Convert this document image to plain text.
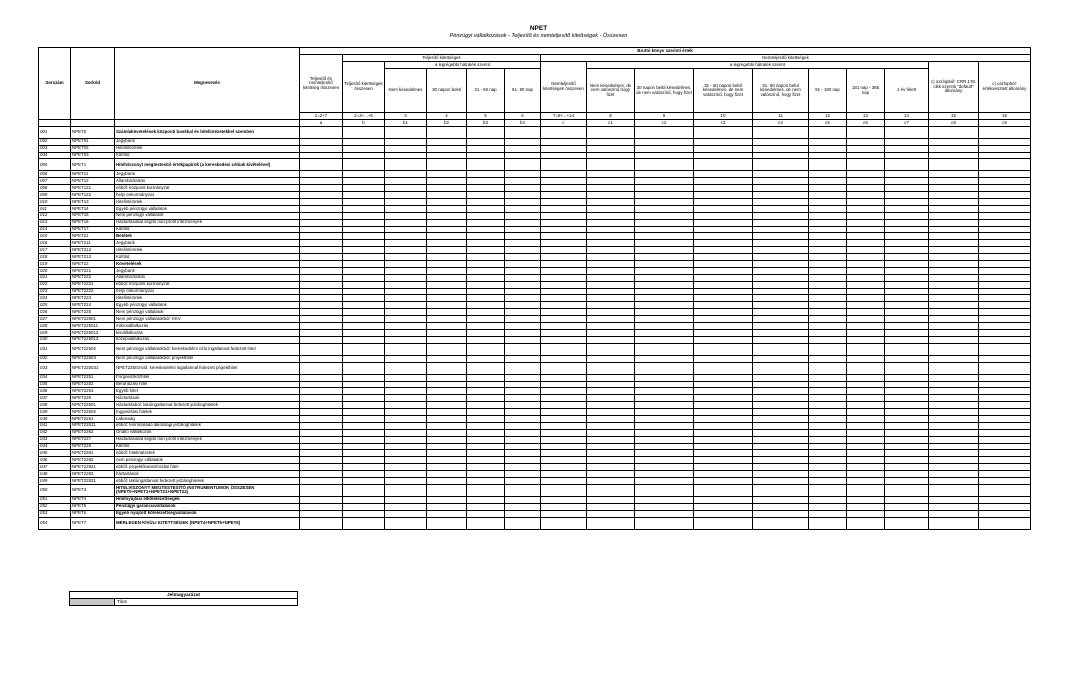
NPET
Pénzügyi vállalkozások - Teljesítő és nemteljesítő kitettségek - Összesen
Sorszám	Sorkód	Megnevezés	Bruttó könyv szerinti érték															
			Teljesítő és nemteljesítő kitettség összesen	Teljesítő kitettségek					Nemteljesítő kitettségek									
				Teljesítő kitettségek összesen	a legrégebbi hátralék szerint				Nemteljesítő kitettségek összesen	a legrégebbi hátralék szerint							c) oszlopból: CRR 178. cikk szerinti "default" állomány	c) oszlopból: értékvesztett állomány
					Nem késedelmes	30 napon belül	31 - 60 nap	61- 90 nap		Nem késedelmes, de nem valószínű hogy fizet	30 napon belül késedelmes, de nem valószínű, hogy fizet	31 - 60 napon belül késedelmes, de nem valószínű, hogy fizet	61- 90 napon belül késedelmes, de nem valószínű, hogy fizet	91 - 180 nap	181 nap - 365 nap	1 év felett		
			1=2+7	2=3+...+6	3	4	5	6	7=8+...+14	8	9	10	11	12	13	14	15	16
			a	b	b1	b2	b3	b4	c	c1	c2	c3	c4	c5	c6	c7	c8	c9
001	NPET0	Számlakövetelések központi bankkal és hitelintézetekkel szemben																
002	NPET01	Jegybank																
003	NPET02	Hitelintézetek																
004	NPET03	Külföld																
005	NPET1	Hitelviszonyt megtestesítő értékpapírok (a kereskedési célúak kivételével)																
006	NPET11	Jegybank																
007	NPET12	Államháztartás																
008	NPET121	ebből: központi kormányzat																
009	NPET122	helyi önkormányzat																
010	NPET13	Hitelintézetek																
011	NPET14	Egyéb pénzügyi vállalatok																
012	NPET15	Nem pénzügyi vállalatok																
013	NPET16	Háztartásokat segítő non-profit intézmények																
014	NPET17	Külföld																
015	NPET21	Betétek																
016	NPET211	Jegybank																
017	NPET212	Hitelintézetek																
018	NPET213	Külföld																
019	NPET22	Követelések																
020	NPET221	Jegybank																
021	NPET222	Államháztartás																
022	NPET2221	ebből: központi kormányzat																
023	NPET2222	helyi önkormányzat																
024	NPET223	Hitelintézetek																
025	NPET224	Egyéb pénzügyi vállalatok																
026	NPET225	Nem pénzügyi vállalatok																
027	NPET22501	Nem pénzügyi vállalatokból: KKV																
028	NPET225011	mikrovállalkozás																
029	NPET225012	kisvállalkozás																
030	NPET225013	középvállalkozás																
031	NPET22502	Nem pénzügyi vállalatokból: kereskedelmi célú ingatlannal fedezett hitel																
032	NPET22503	Nem pénzügyi vállalatokból: projekthitel																
033	NPET225031	NPET22503-ból: kereskedelmi ingatlannal fedezett projekthitel																
034	NPET2251	Forgóeszközhitel																
035	NPET2252	Beruházási hitel																
036	NPET2253	Egyéb hitel																
037	NPET226	Háztartások																
038	NPET22601	Háztartásból: lakóingatlannal fedezett jelzáloghitelek																
039	NPET22602	fogyasztási hitelek																
040	NPET2261	Lakosság																
041	NPET22611	ebből: fennmaradó lakossági jelzáloghitelek																
042	NPET2262	Önálló vállalkozók																
043	NPET227	Háztartásokat segítő non-profit intézmények																
044	NPET228	Külföld																
045	NPET2281	ebből: hitelintézetek																
046	NPET2282	nem pénzügyi vállalatok																
047	NPET22821	ebből: projektfinanszírozási hitel																
048	NPET2283	háztartások																
049	NPET22831	ebből: lakóingatlannal fedezett jelzáloghitelek																
050	NPET3	HITELVISZONYT MEGTESTESÍTŐ INSTRUMENTUMOK ÖSSZESEN (NPET0+NPET1+NPET21+NPET22)																
051	NPET4	Hitelnyújtási elkötelezettségek																
052	NPET5	Pénzügyi garanciavállalások																
053	NPET6	Egyéb nyújtott kötelezettségvállalások																
054	NPET7	MÉRLEGEN KÍVÜLI KITETTSÉGEK (NPET4+NPET5+NPET6)																
Jelmagyarázat
	Tilos
